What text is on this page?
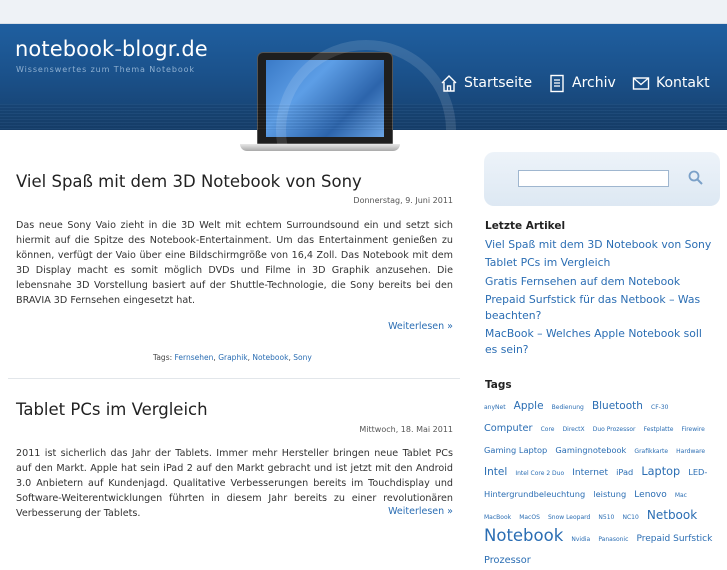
notebook-blogr.de
Wissenswertes zum Thema Notebook
Startseite	Archiv	Kontakt
Viel Spaß mit dem 3D Notebook von Sony
Donnerstag, 9. Juni 2011

Das neue Sony Vaio zieht in die 3D Welt mit echtem Surroundsound ein und setzt sich hiermit auf die Spitze des Notebook-Entertainment. Um das Entertainment genießen zu können, verfügt der Vaio über eine Bildschirmgröße von 16,4 Zoll. Das Notebook mit dem 3D Display macht es somit möglich DVDs und Filme in 3D Graphik anzusehen. Die lebensnahe 3D Vorstellung basiert auf der Shuttle-Technologie, die Sony bereits bei den BRAVIA 3D Fernsehen eingesetzt hat.

Weiterlesen »
Tags: Fernsehen, Graphik, Notebook, Sony
Tablet PCs im Vergleich
Mittwoch, 18. Mai 2011

2011 ist sicherlich das Jahr der Tablets. Immer mehr Hersteller bringen neue Tablet PCs auf den Markt. Apple hat sein iPad 2 auf den Markt gebracht und ist jetzt mit den Android 3.0 Anbietern auf Kundenjagd. Qualitative Verbesserungen bereits im Touchdisplay und Software-Weiterentwicklungen führten in diesem Jahr bereits zu einer revolutionären Verbesserung der Tablets.	Weiterlesen »
Letzte Artikel
Viel Spaß mit dem 3D Notebook von Sony
Tablet PCs im Vergleich
Gratis Fernsehen auf dem Notebook
Prepaid Surfstick für das Netbook – Was beachten?
MacBook – Welches Apple Notebook soll es sein?
Tags
anyNet Apple Bedienung Bluetooth CF-30 Computer Core DirectX Duo Prozessor Festplatte Firewire Gaming Laptop Gamingnotebook Grafikkarte Hardware Intel Intel Core 2 Duo Internet iPad Laptop LED-Hintergrundbeleuchtung leistung Lenovo Mac MacBook MacOS Snow Leopard N510 NC10 Netbook Notebook Nvidia Panasonic Prepaid Surfstick Prozessor
